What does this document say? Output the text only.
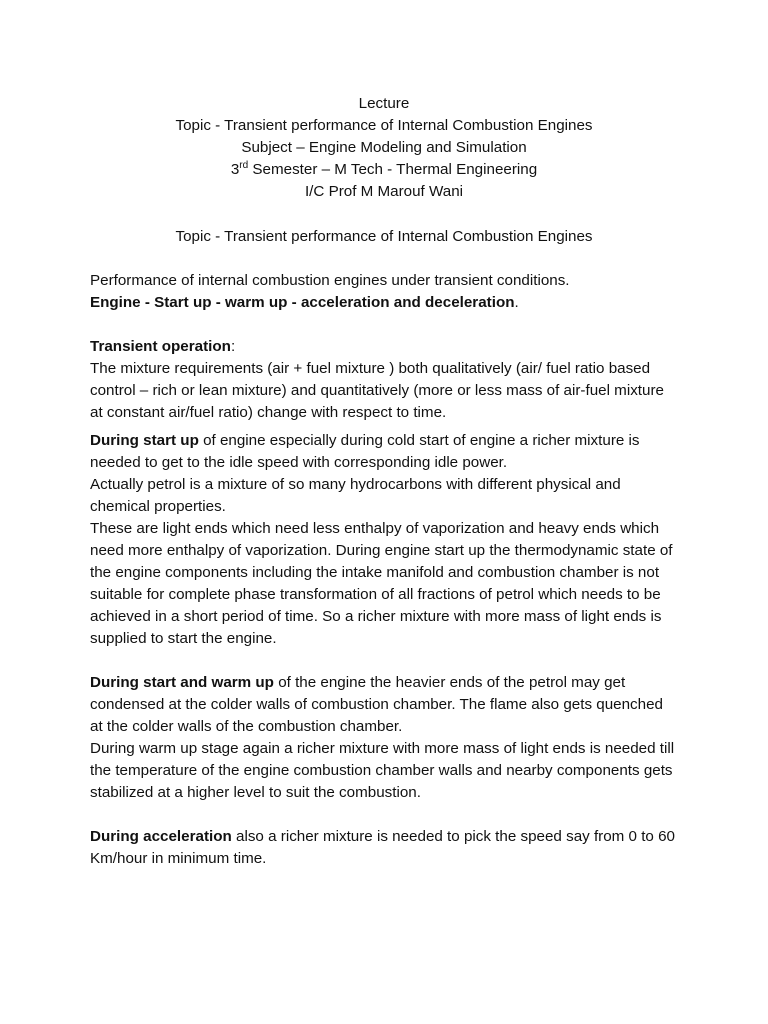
Lecture
Topic - Transient performance of Internal Combustion Engines
Subject – Engine Modeling and Simulation
3rd Semester – M Tech - Thermal Engineering
I/C Prof M Marouf Wani
Topic - Transient performance of Internal Combustion Engines

Performance of internal combustion engines under transient conditions.

Engine - Start up - warm up - acceleration and deceleration.

Transient operation:

The mixture requirements (air + fuel mixture ) both qualitatively (air/ fuel ratio based control – rich or lean mixture) and quantitatively (more or less mass of air-fuel mixture at constant air/fuel ratio) change with respect to time.

During start up of engine especially during cold start of engine a richer mixture is needed to get to the idle speed with corresponding idle power.

Actually petrol is a mixture of so many hydrocarbons with different physical and chemical properties.

These are light ends which need less enthalpy of vaporization and heavy ends which need more enthalpy of vaporization. During engine start up the thermodynamic state of the engine components including the intake manifold and combustion chamber is not suitable for complete phase transformation of all fractions of petrol which needs to be achieved in a short period of time. So a richer mixture with more mass of light ends is supplied to start the engine.

During start and warm up of the engine the heavier ends of the petrol may get condensed at the colder walls of combustion chamber. The flame also gets quenched at the colder walls of the combustion chamber.

During warm up stage again a richer mixture with more mass of light ends is needed till the temperature of the engine combustion chamber walls and nearby components gets stabilized at a higher level to suit the combustion.

During acceleration also a richer mixture is needed to pick the speed say from 0 to 60 Km/hour in minimum time.
